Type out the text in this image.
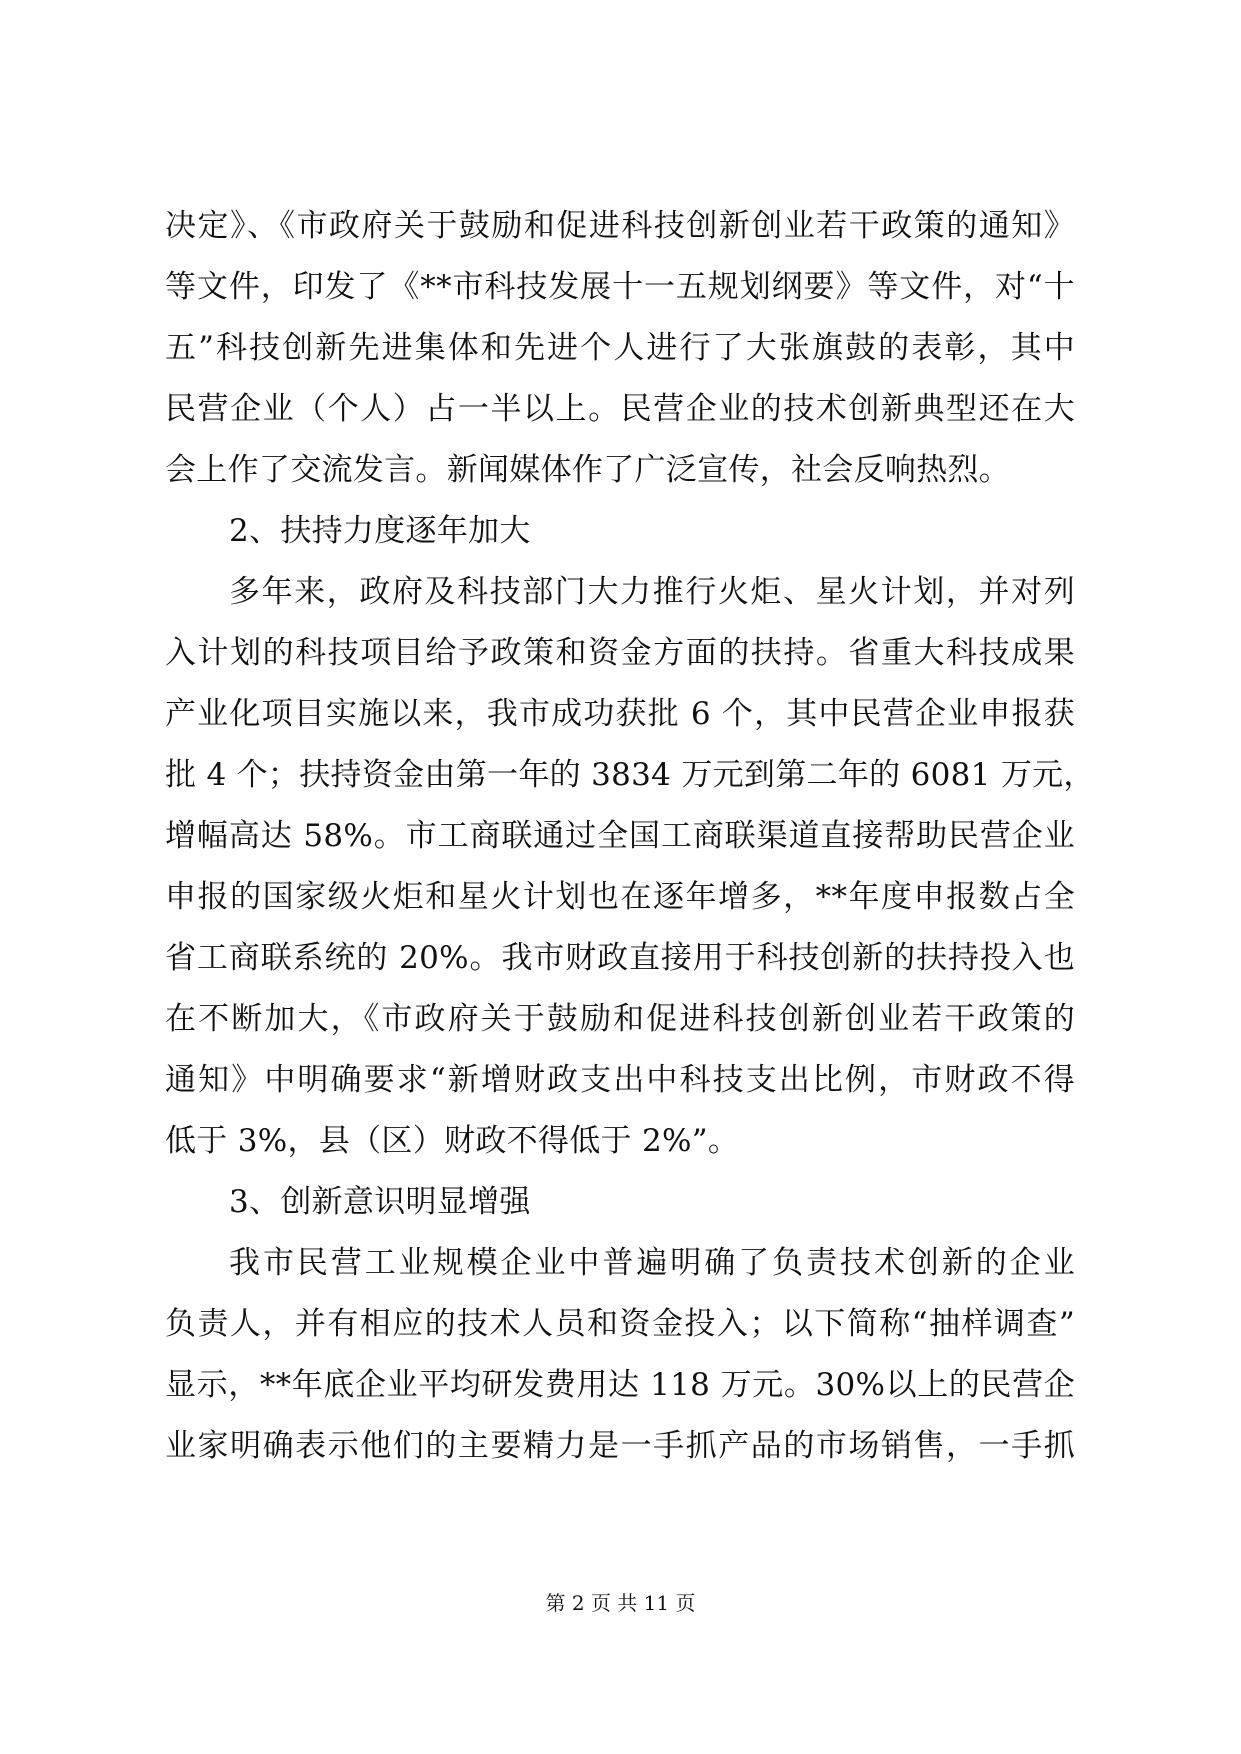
决定》、《市政府关于鼓励和促进科技创新创业若干政策的通知》
等文件，印发了《**市科技发展十一五规划纲要》等文件，对“十
五”科技创新先进集体和先进个人进行了大张旗鼓的表彰，其中
民营企业（个人）占一半以上。民营企业的技术创新典型还在大
会上作了交流发言。新闻媒体作了广泛宣传，社会反响热烈。
2、扶持力度逐年加大
多年来，政府及科技部门大力推行火炬、星火计划，并对列
入计划的科技项目给予政策和资金方面的扶持。省重大科技成果
产业化项目实施以来，我市成功获批 6 个，其中民营企业申报获
批 4 个；扶持资金由第一年的 3834 万元到第二年的 6081 万元，
增幅高达 58%。市工商联通过全国工商联渠道直接帮助民营企业
申报的国家级火炬和星火计划也在逐年增多，**年度申报数占全
省工商联系统的 20%。我市财政直接用于科技创新的扶持投入也
在不断加大，《市政府关于鼓励和促进科技创新创业若干政策的
通知》中明确要求“新增财政支出中科技支出比例，市财政不得
低于 3%，县（区）财政不得低于 2%”。
3、创新意识明显增强
我市民营工业规模企业中普遍明确了负责技术创新的企业
负责人，并有相应的技术人员和资金投入；以下简称“抽样调查”
显示，**年底企业平均研发费用达 118 万元。30%以上的民营企
业家明确表示他们的主要精力是一手抓产品的市场销售，一手抓
第 2 页 共 11 页
